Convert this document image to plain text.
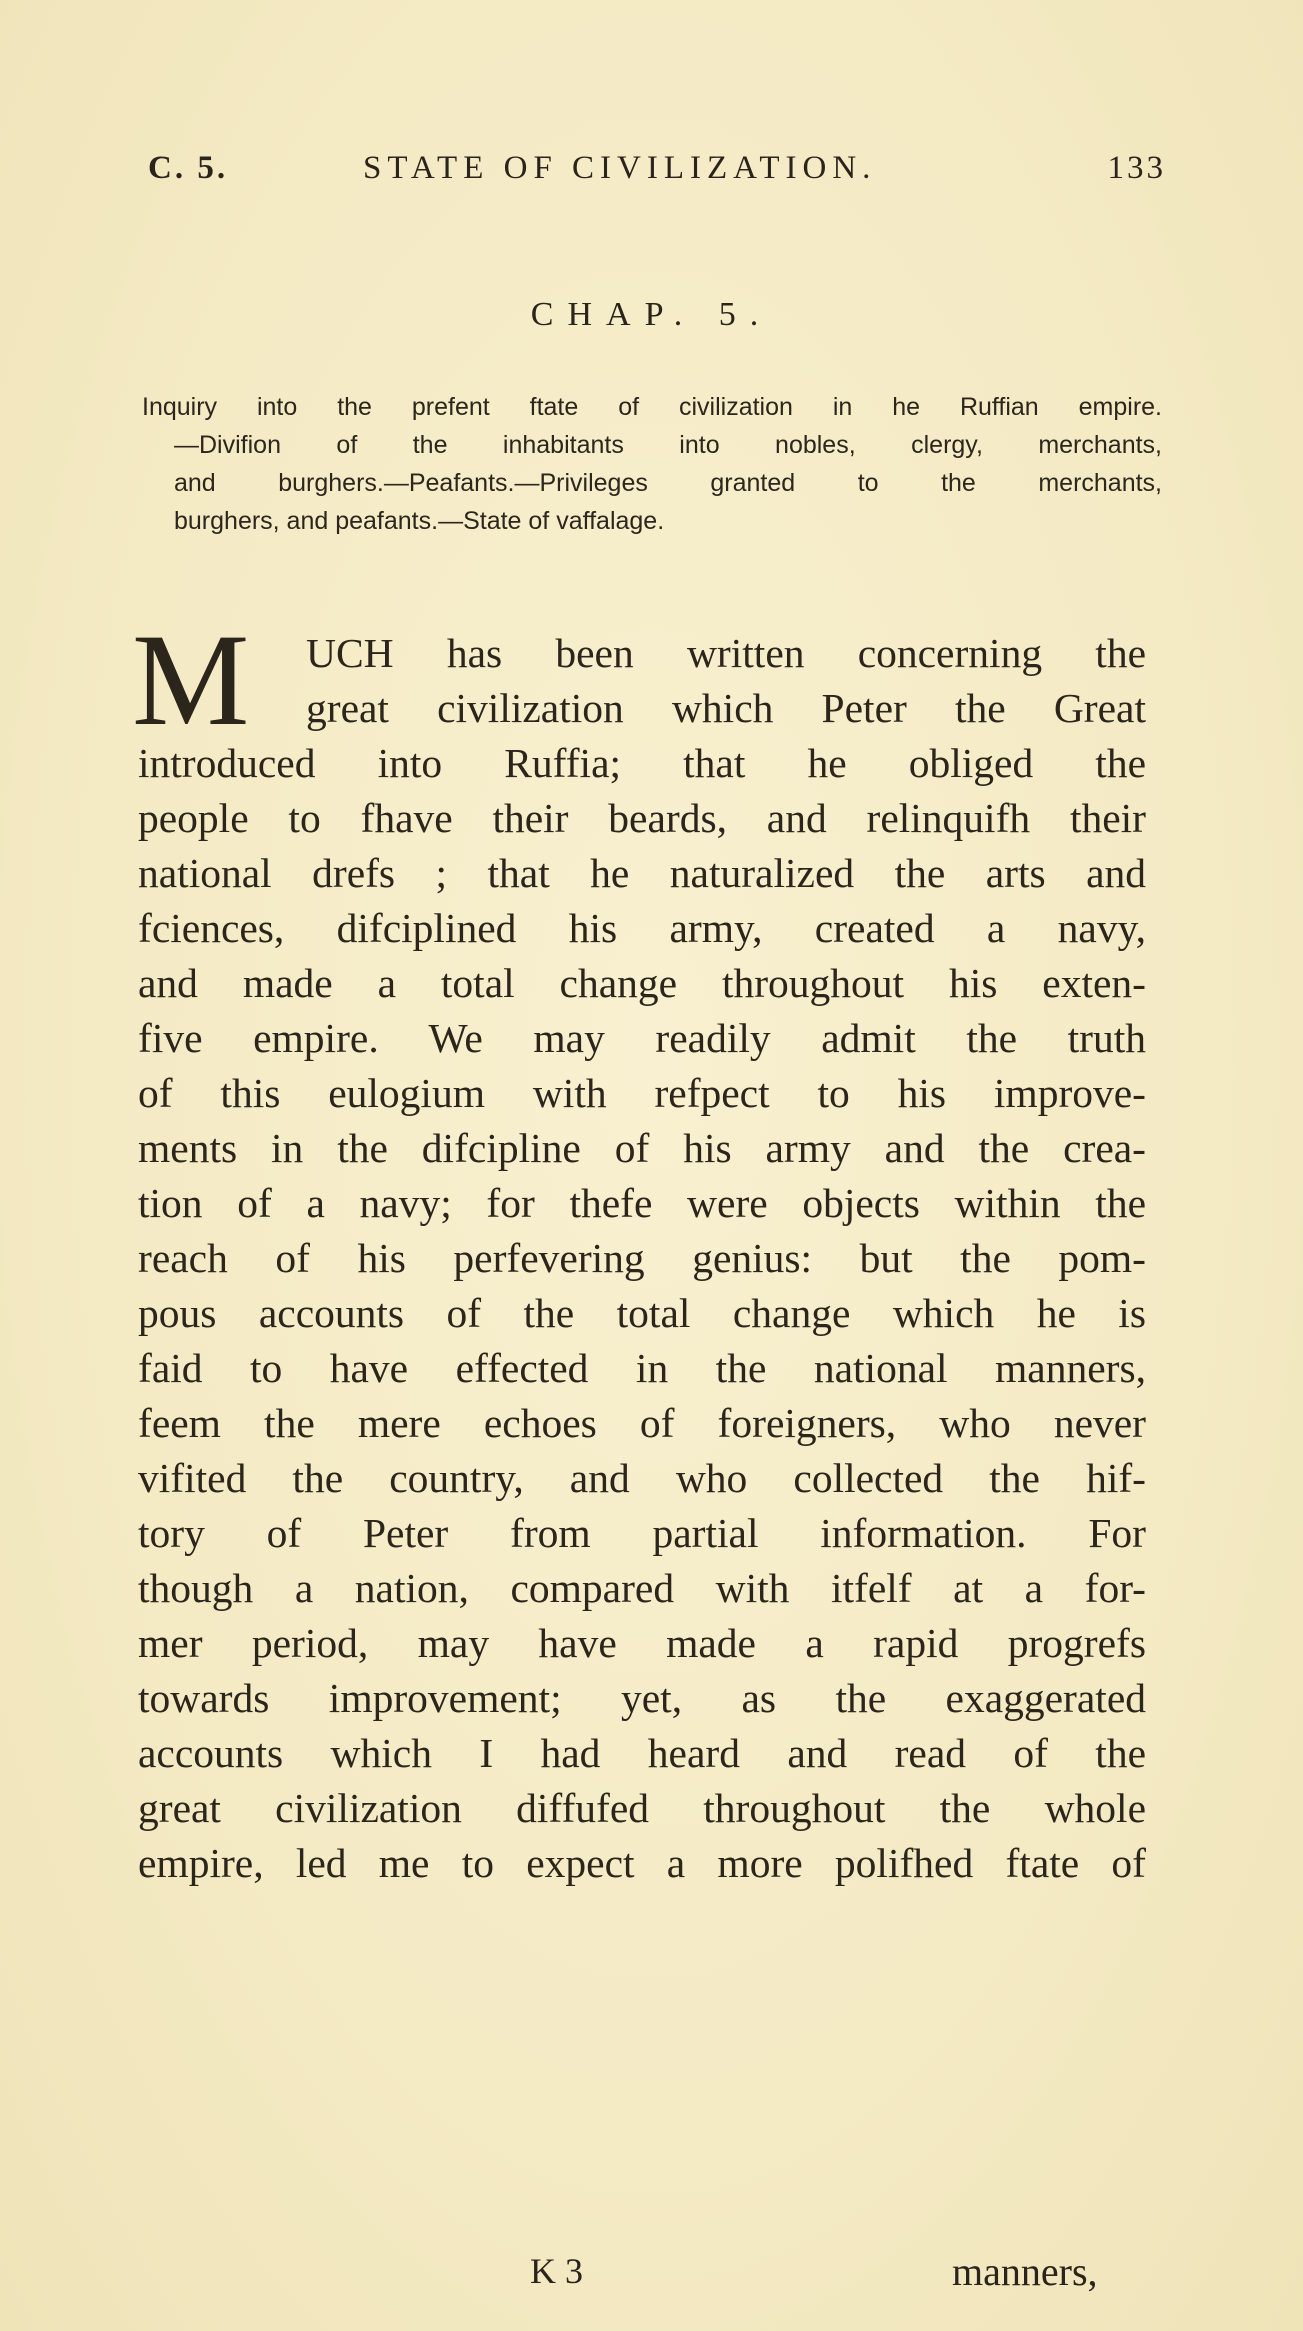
C. 5.	STATE OF CIVILIZATION.	133
CHAP. 5.
Inquiry into the prefent ftate of civilization in he Ruffian empire.
—Divifion of the inhabitants into nobles, clergy, merchants,
and burghers.—Peafants.—Privileges granted to the merchants,
burghers, and peafants.—State of vaffalage.
M	UCH has been written concerning the
great civilization which Peter the Great
introduced into Ruffia; that he obliged the
people to fhave their beards, and relinquifh their
national drefs ; that he naturalized the arts and
fciences, difciplined his army, created a navy,
and made a total change throughout his exten-
five empire. We may readily admit the truth
of this eulogium with refpect to his improve-
ments in the difcipline of his army and the crea-
tion of a navy; for thefe were objects within the
reach of his perfevering genius: but the pom-
pous accounts of the total change which he is
faid to have effected in the national manners,
feem the mere echoes of foreigners, who never
vifited the country, and who collected the hif-
tory of Peter from partial information. For
though a nation, compared with itfelf at a for-
mer period, may have made a rapid progrefs
towards improvement; yet, as the exaggerated
accounts which I had heard and read of the
great civilization diffufed throughout the whole
empire, led me to expect a more polifhed ftate of
K 3	manners,
